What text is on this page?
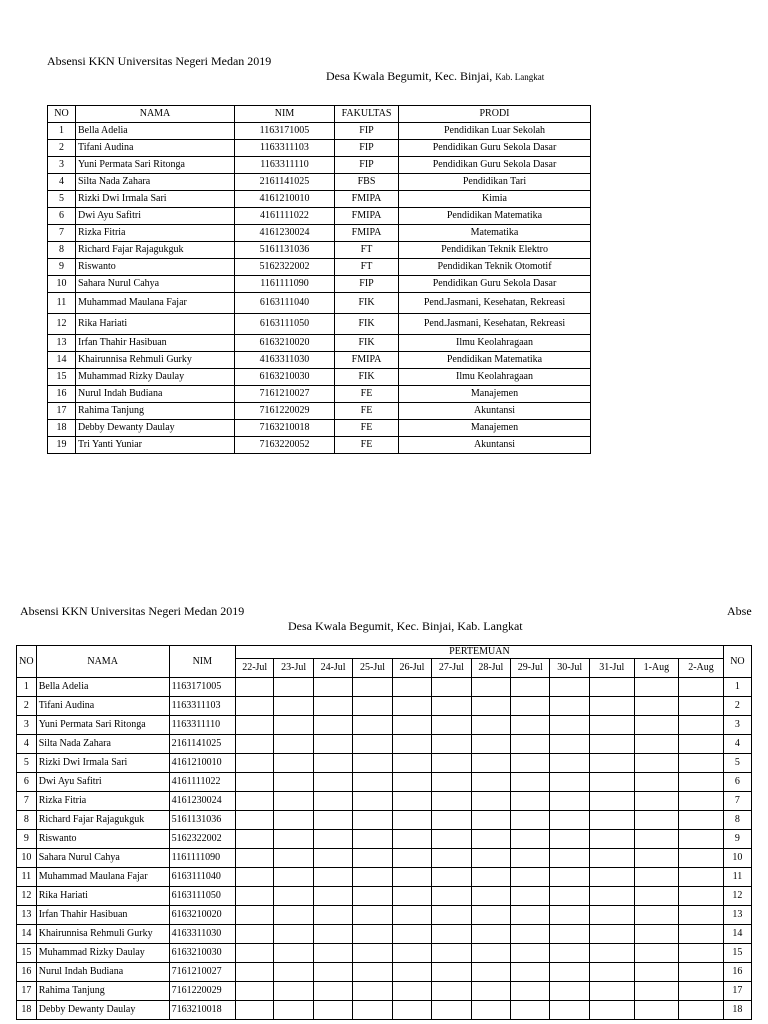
Absensi KKN Universitas Negeri Medan 2019
Desa Kwala Begumit, Kec. Binjai, Kab. Langkat
NO	NAMA	NIM	FAKULTAS	PRODI
1	Bella Adelia	1163171005	FIP	Pendidikan Luar Sekolah
2	Tifani Audina	1163311103	FIP	Pendidikan Guru Sekola Dasar
3	Yuni Permata Sari Ritonga	1163311110	FIP	Pendidikan Guru Sekola Dasar
4	Silta Nada Zahara	2161141025	FBS	Pendidikan Tari
5	Rizki Dwi Irmala Sari	4161210010	FMIPA	Kimia
6	Dwi Ayu Safitri	4161111022	FMIPA	Pendidikan Matematika
7	Rizka Fitria	4161230024	FMIPA	Matematika
8	Richard Fajar Rajagukguk	5161131036	FT	Pendidikan Teknik Elektro
9	Riswanto	5162322002	FT	Pendidikan Teknik Otomotif
10	Sahara Nurul Cahya	1161111090	FIP	Pendidikan Guru Sekola Dasar
11	Muhammad Maulana Fajar	6163111040	FIK	Pend.Jasmani, Kesehatan, Rekreasi
12	Rika Hariati	6163111050	FIK	Pend.Jasmani, Kesehatan, Rekreasi
13	Irfan Thahir Hasibuan	6163210020	FIK	Ilmu Keolahragaan
14	Khairunnisa Rehmuli Gurky	4163311030	FMIPA	Pendidikan Matematika
15	Muhammad Rizky Daulay	6163210030	FIK	Ilmu Keolahragaan
16	Nurul Indah Budiana	7161210027	FE	Manajemen
17	Rahima Tanjung	7161220029	FE	Akuntansi
18	Debby Dewanty Daulay	7163210018	FE	Manajemen
19	Tri Yanti Yuniar	7163220052	FE	Akuntansi
Absensi KKN Universitas Negeri Medan 2019	Abse
Desa Kwala Begumit, Kec. Binjai, Kab. Langkat
NO	NAMA	NIM	PERTEMUAN												NO
			22-Jul	23-Jul	24-Jul	25-Jul	26-Jul	27-Jul	28-Jul	29-Jul	30-Jul	31-Jul	1-Aug	2-Aug	
1	Bella Adelia	1163171005													1
2	Tifani Audina	1163311103													2
3	Yuni Permata Sari Ritonga	1163311110													3
4	Silta Nada Zahara	2161141025													4
5	Rizki Dwi Irmala Sari	4161210010													5
6	Dwi Ayu Safitri	4161111022													6
7	Rizka Fitria	4161230024													7
8	Richard Fajar Rajagukguk	5161131036													8
9	Riswanto	5162322002													9
10	Sahara Nurul Cahya	1161111090													10
11	Muhammad Maulana Fajar	6163111040													11
12	Rika Hariati	6163111050													12
13	Irfan Thahir Hasibuan	6163210020													13
14	Khairunnisa Rehmuli Gurky	4163311030													14
15	Muhammad Rizky Daulay	6163210030													15
16	Nurul Indah Budiana	7161210027													16
17	Rahima Tanjung	7161220029													17
18	Debby Dewanty Daulay	7163210018													18
